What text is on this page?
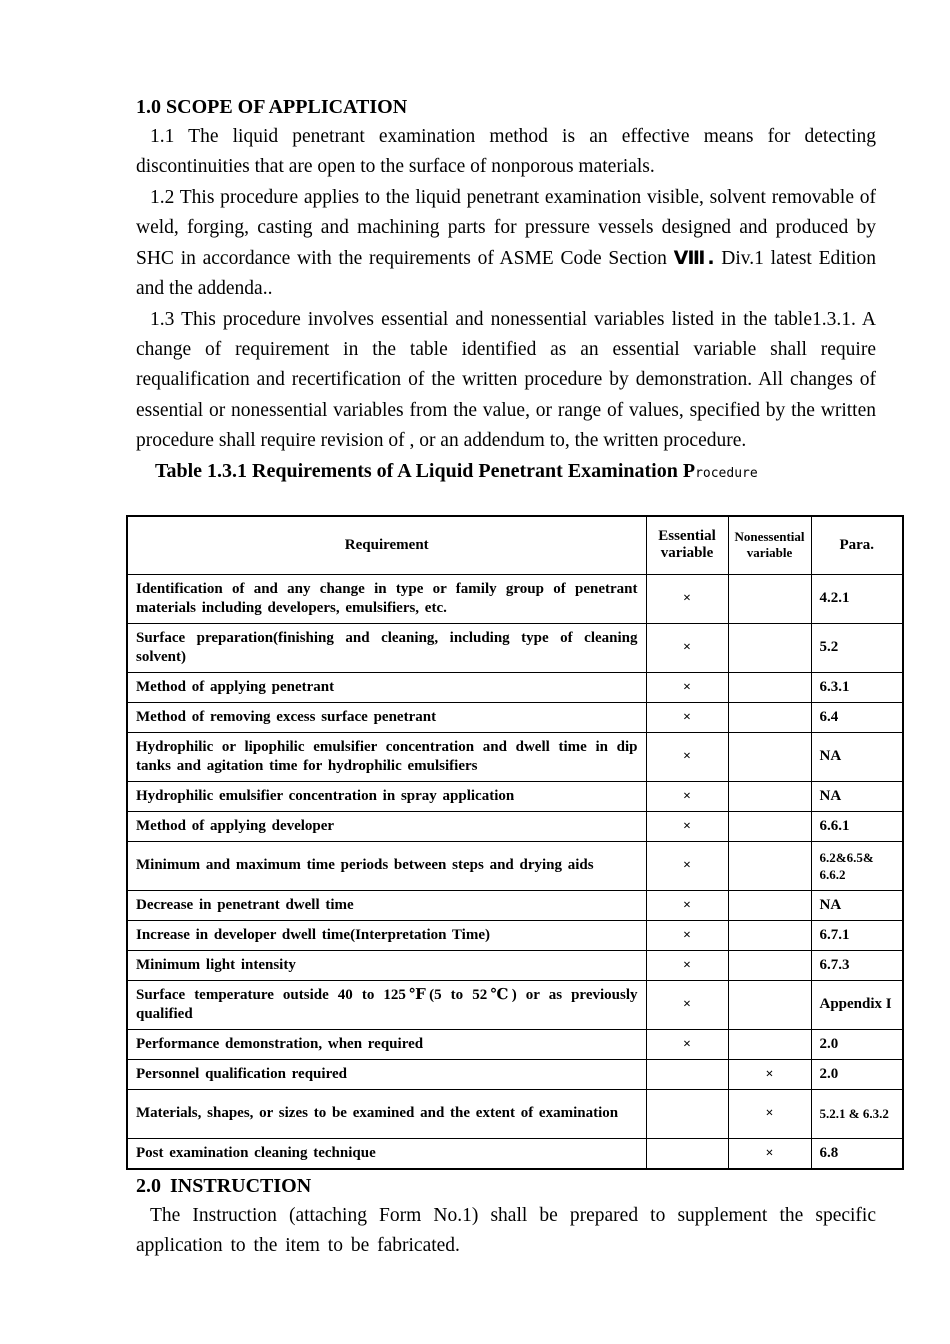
1.0 SCOPE OF APPLICATION

1.1 The liquid penetrant examination method is an effective means for detecting discontinuities that are open to the surface of nonporous materials.

1.2 This procedure applies to the liquid penetrant examination visible, solvent removable of weld, forging, casting and machining parts for pressure vessels designed and produced by SHC in accordance with the requirements of ASME Code Section Ⅷ. Div.1 latest Edition and the addenda..

1.3 This procedure involves essential and nonessential variables listed in the table1.3.1. A change of requirement in the table identified as an essential variable shall require requalification and recertification of the written procedure by demonstration. All changes of essential or nonessential variables from the value, or range of values, specified by the written procedure shall require revision of , or an addendum to, the written procedure.

Table 1.3.1 Requirements of A Liquid Penetrant Examination Procedure
Requirement	Essential variable	Nonessential variable	Para.
Identification of and any change in type or family group of penetrant materials including developers, emulsifiers, etc.	×		4.2.1
Surface preparation(finishing and cleaning, including type of cleaning solvent)	×		5.2
Method of applying penetrant	×		6.3.1
Method of removing excess surface penetrant	×		6.4
Hydrophilic or lipophilic emulsifier concentration and dwell time in dip tanks and agitation time for hydrophilic emulsifiers	×		NA
Hydrophilic emulsifier concentration in spray application	×		NA
Method of applying developer	×		6.6.1
Minimum and maximum time periods between steps and drying aids	×		6.2&6.5& 6.6.2
Decrease in penetrant dwell time	×		NA
Increase in developer dwell time(Interpretation Time)	×		6.7.1
Minimum light intensity	×		6.7.3
Surface temperature outside 40 to 125℉(5 to 52℃) or as previously qualified	×		Appendix I
Performance demonstration, when required	×		2.0
Personnel qualification required		×	2.0
Materials, shapes, or sizes to be examined and the extent of examination		×	5.2.1 & 6.3.2
Post examination cleaning technique		×	6.8
2.0 INSTRUCTION

The Instruction (attaching Form No.1) shall be prepared to supplement the specific application to the item to be fabricated.
